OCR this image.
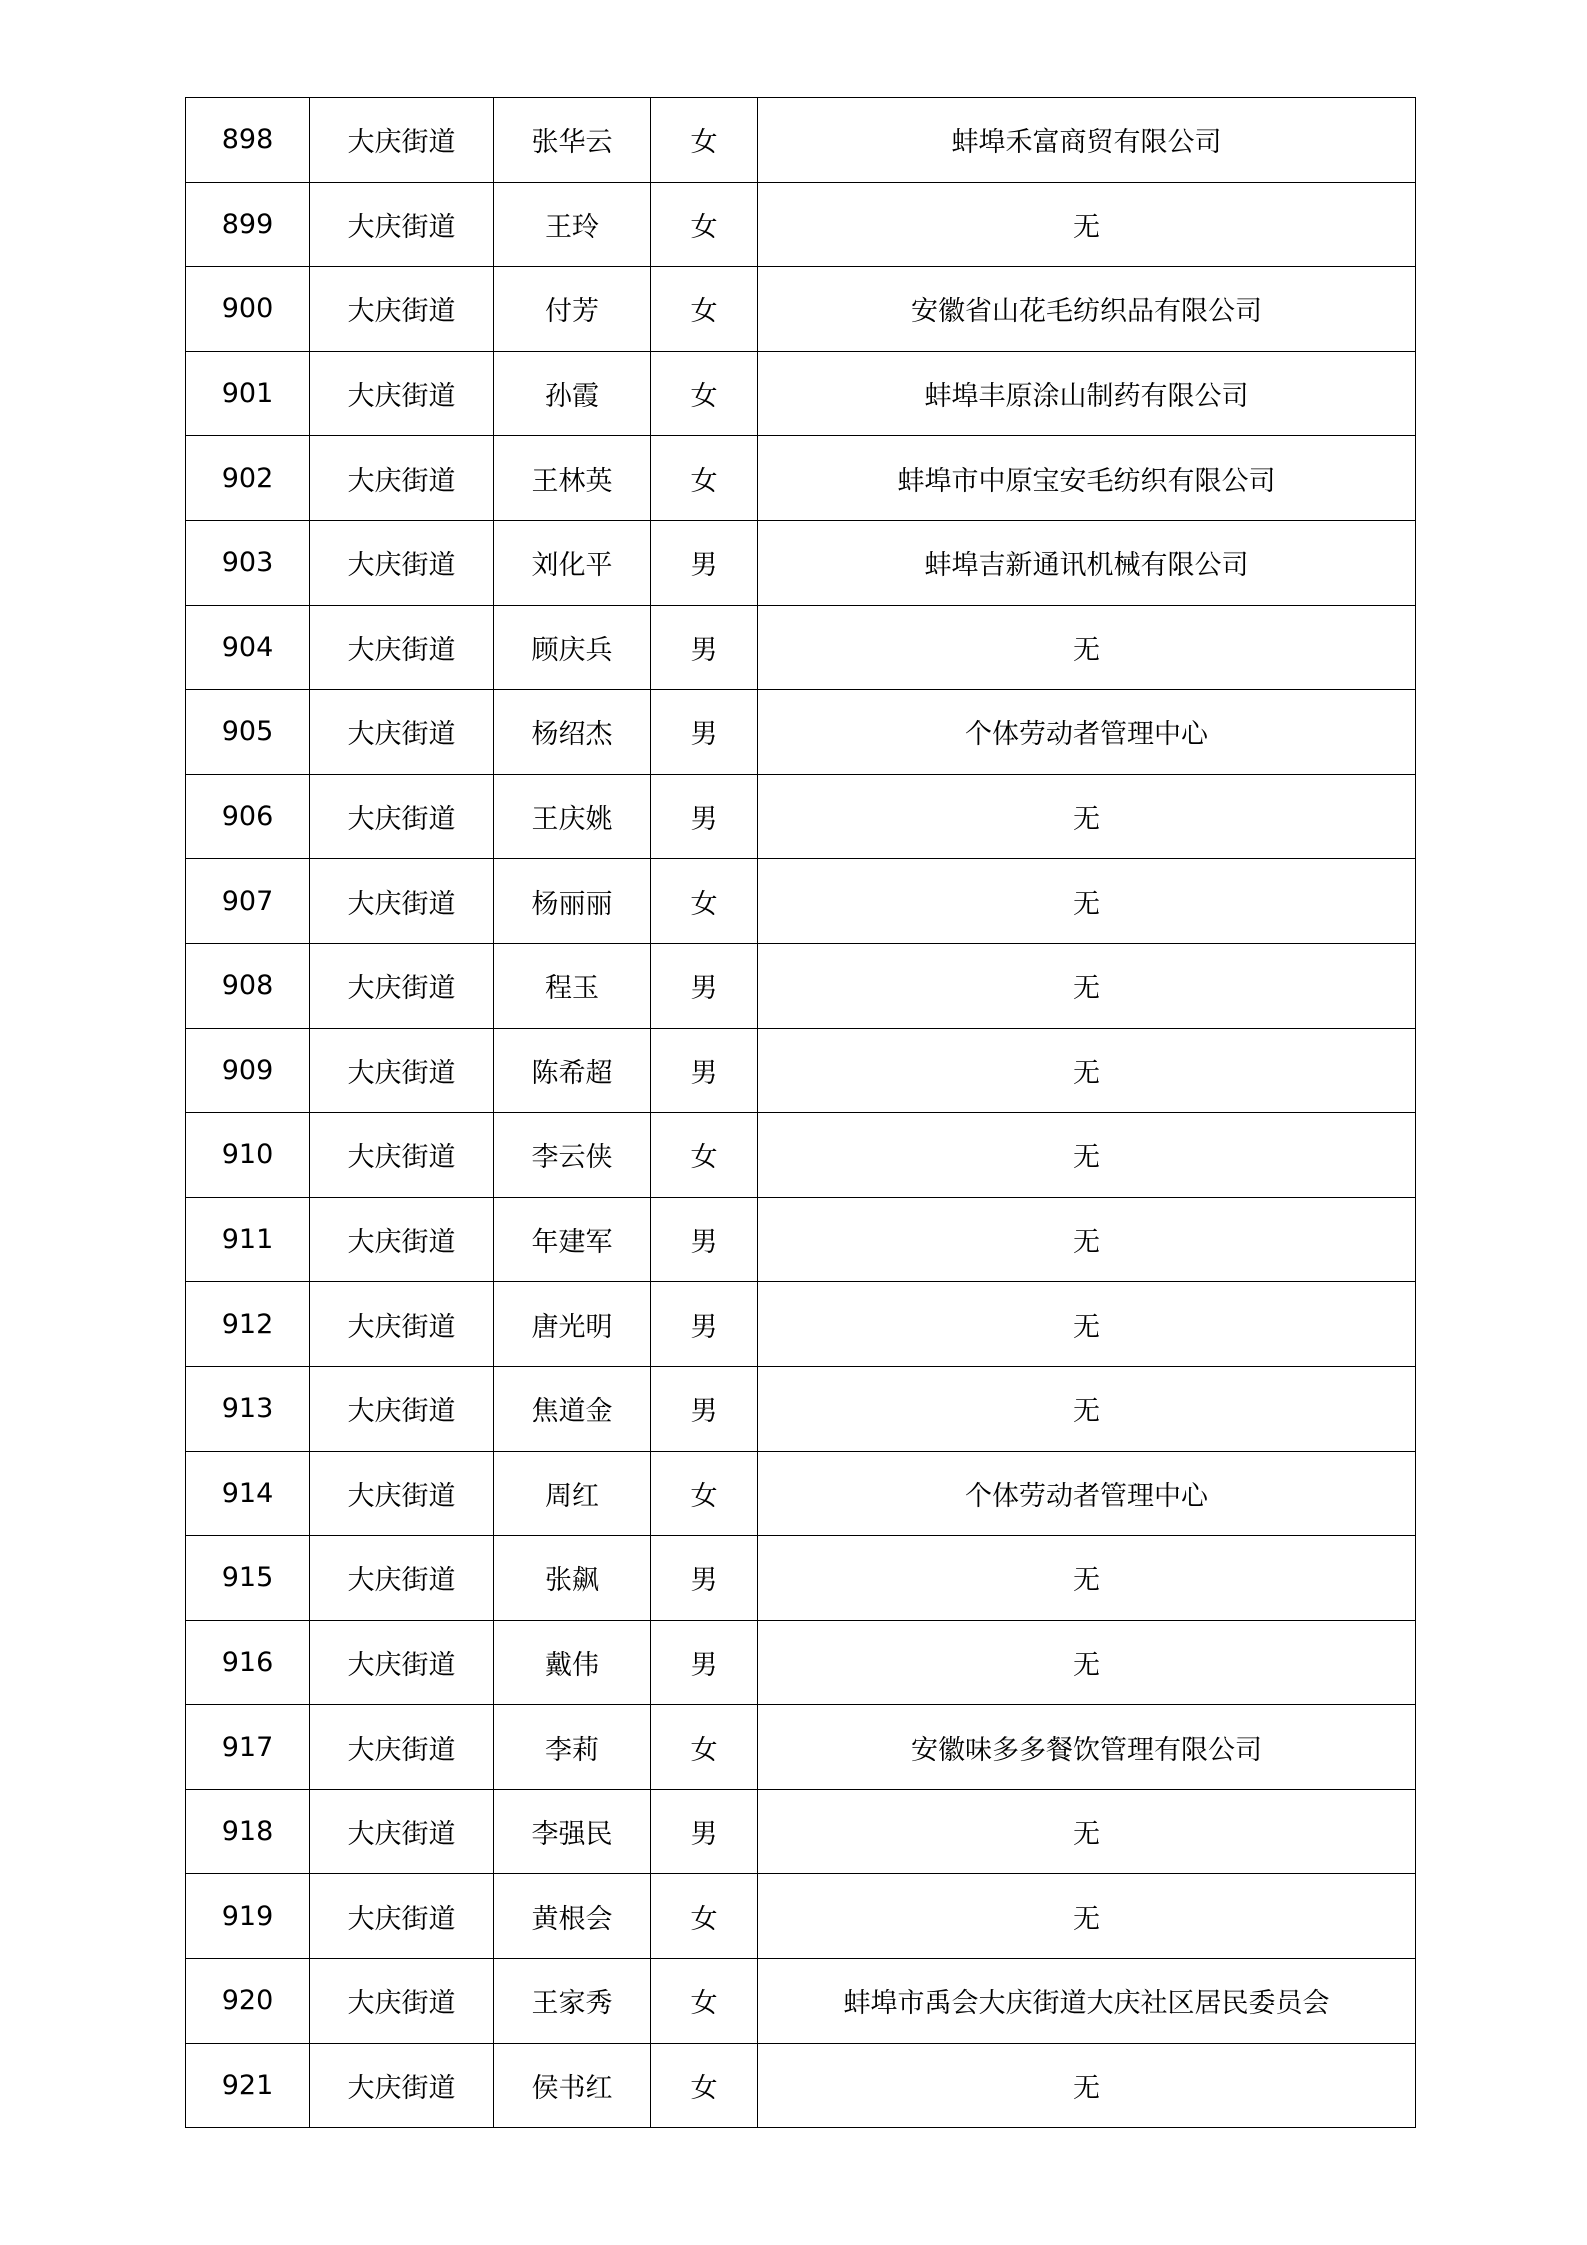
898	大庆街道	张华云	女	蚌埠禾富商贸有限公司
899	大庆街道	王玲	女	无
900	大庆街道	付芳	女	安徽省山花毛纺织品有限公司
901	大庆街道	孙霞	女	蚌埠丰原涂山制药有限公司
902	大庆街道	王林英	女	蚌埠市中原宝安毛纺织有限公司
903	大庆街道	刘化平	男	蚌埠吉新通讯机械有限公司
904	大庆街道	顾庆兵	男	无
905	大庆街道	杨绍杰	男	个体劳动者管理中心
906	大庆街道	王庆姚	男	无
907	大庆街道	杨丽丽	女	无
908	大庆街道	程玉	男	无
909	大庆街道	陈希超	男	无
910	大庆街道	李云侠	女	无
911	大庆街道	年建军	男	无
912	大庆街道	唐光明	男	无
913	大庆街道	焦道金	男	无
914	大庆街道	周红	女	个体劳动者管理中心
915	大庆街道	张飙	男	无
916	大庆街道	戴伟	男	无
917	大庆街道	李莉	女	安徽味多多餐饮管理有限公司
918	大庆街道	李强民	男	无
919	大庆街道	黄根会	女	无
920	大庆街道	王家秀	女	蚌埠市禹会大庆街道大庆社区居民委员会
921	大庆街道	侯书红	女	无
